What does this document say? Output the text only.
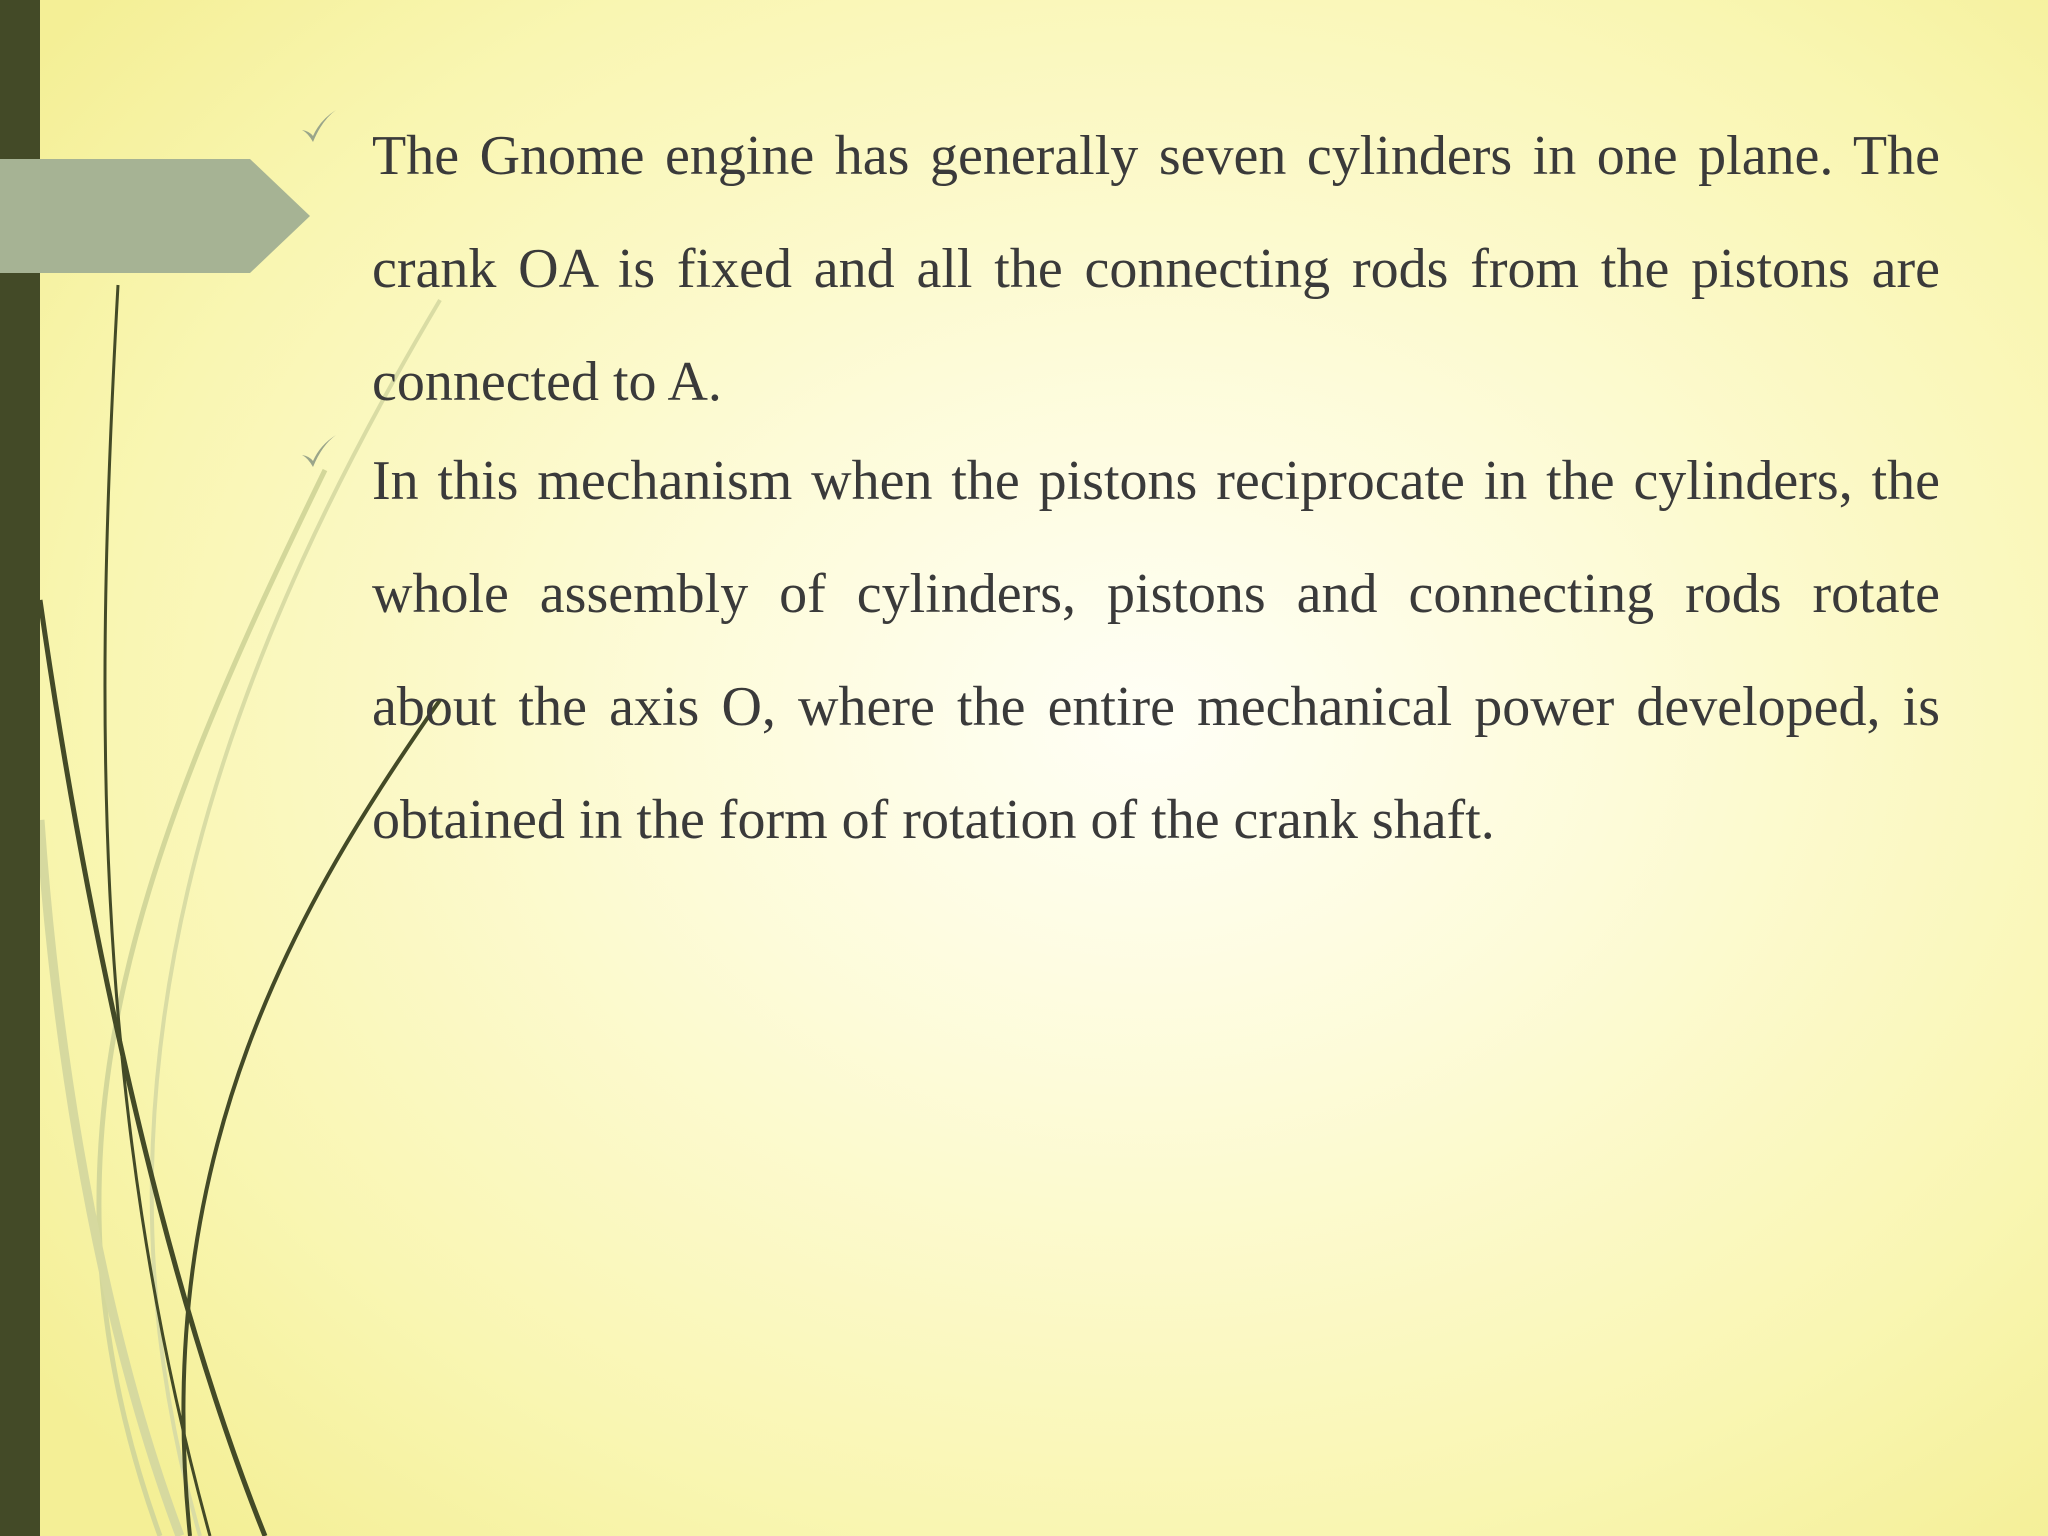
The Gnome engine has generally seven cylinders in one plane. The crank OA is fixed and all the connecting rods from the pistons are connected to A.
In this mechanism when the pistons reciprocate in the cylinders, the whole assembly of cylinders, pistons and connecting rods rotate about the axis O, where the entire mechanical power developed, is obtained in the form of rotation of the crank shaft.
